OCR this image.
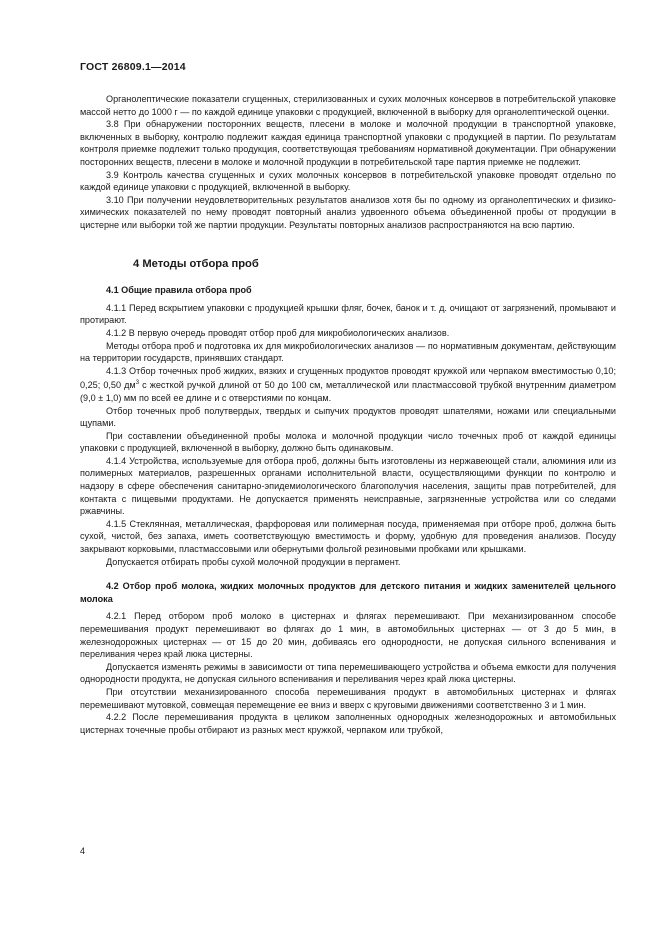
ГОСТ 26809.1—2014

Органолептические показатели сгущенных, стерилизованных и сухих молочных консервов в потребительской упаковке массой нетто до 1000 г — по каждой единице упаковки с продукцией, включенной в выборку для органолептической оценки.

3.8 При обнаружении посторонних веществ, плесени в молоке и молочной продукции в транспортной упаковке, включенных в выборку, контролю подлежит каждая единица транспортной упаковки с продукцией в партии. По результатам контроля приемке подлежит только продукция, соответствующая требованиям нормативной документации. При обнаружении посторонних веществ, плесени в молоке и молочной продукции в потребительской таре партия приемке не подлежит.

3.9 Контроль качества сгущенных и сухих молочных консервов в потребительской упаковке проводят отдельно по каждой единице упаковки с продукцией, включенной в выборку.

3.10 При получении неудовлетворительных результатов анализов хотя бы по одному из органолептических и физико-химических показателей по нему проводят повторный анализ удвоенного объема объединенной пробы от продукции в цистерне или выборки той же партии продукции. Результаты повторных анализов распространяются на всю партию.

4 Методы отбора проб

4.1 Общие правила отбора проб

4.1.1 Перед вскрытием упаковки с продукцией крышки фляг, бочек, банок и т. д. очищают от загрязнений, промывают и протирают.

4.1.2 В первую очередь проводят отбор проб для микробиологических анализов.

Методы отбора проб и подготовка их для микробиологических анализов — по нормативным документам, действующим на территории государств, принявших стандарт.

4.1.3 Отбор точечных проб жидких, вязких и сгущенных продуктов проводят кружкой или черпаком вместимостью 0,10; 0,25; 0,50 $дм^3$ с жесткой ручкой длиной от 50 до 100 см, металлической или пластмассовой трубкой внутренним диаметром (9,0 ± 1,0) мм по всей ее длине и с отверстиями по концам.

Отбор точечных проб полутвердых, твердых и сыпучих продуктов проводят шпателями, ножами или специальными щупами.

При составлении объединенной пробы молока и молочной продукции число точечных проб от каждой единицы упаковки с продукцией, включенной в выборку, должно быть одинаковым.

4.1.4 Устройства, используемые для отбора проб, должны быть изготовлены из нержавеющей стали, алюминия или из полимерных материалов, разрешенных органами исполнительной власти, осуществляющими функции по контролю и надзору в сфере обеспечения санитарно-эпидемиологического благополучия населения, защиты прав потребителей, для контакта с пищевыми продуктами. Не допускается применять неисправные, загрязненные устройства или со следами ржавчины.

4.1.5 Стеклянная, металлическая, фарфоровая или полимерная посуда, применяемая при отборе проб, должна быть сухой, чистой, без запаха, иметь соответствующую вместимость и форму, удобную для проведения анализов. Посуду закрывают корковыми, пластмассовыми или обернутыми фольгой резиновыми пробками или крышками.

Допускается отбирать пробы сухой молочной продукции в пергамент.

4.2 Отбор проб молока, жидких молочных продуктов для детского питания и жидких заменителей цельного молока

4.2.1 Перед отбором проб молоко в цистернах и флягах перемешивают. При механизированном способе перемешивания продукт перемешивают во флягах до 1 мин, в автомобильных цистернах — от 3 до 5 мин, в железнодорожных цистернах — от 15 до 20 мин, добиваясь его однородности, не допуская сильного вспенивания и переливания через край люка цистерны.

Допускается изменять режимы в зависимости от типа перемешивающего устройства и объема емкости для получения однородности продукта, не допуская сильного вспенивания и переливания через край люка цистерны.

При отсутствии механизированного способа перемешивания продукт в автомобильных цистернах и флягах перемешивают мутовкой, совмещая перемещение ее вниз и вверх с круговыми движениями соответственно 3 и 1 мин.

4.2.2 После перемешивания продукта в целиком заполненных однородных железнодорожных и автомобильных цистернах точечные пробы отбирают из разных мест кружкой, черпаком или трубкой,

4
